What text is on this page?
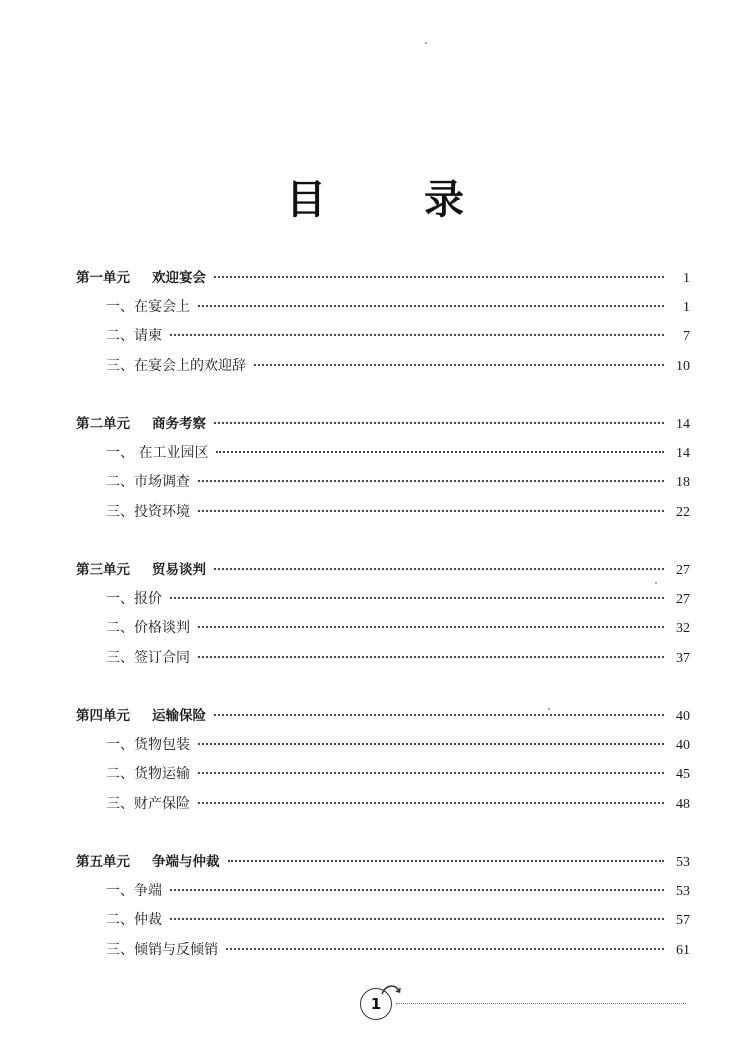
目 录
第一单元 欢迎宴会	1
一、在宴会上	1
二、请柬	7
三、在宴会上的欢迎辞	10
第二单元 商务考察	14
一、 在工业园区	14
二、市场调查	18
三、投资环境	22
第三单元 贸易谈判	27
一、报价	27
二、价格谈判	32
三、签订合同	37
第四单元 运输保险	40
一、货物包装	40
二、货物运输	45
三、财产保险	48
第五单元 争端与仲裁	53
一、争端	53
二、仲裁	57
三、倾销与反倾销	61
1
